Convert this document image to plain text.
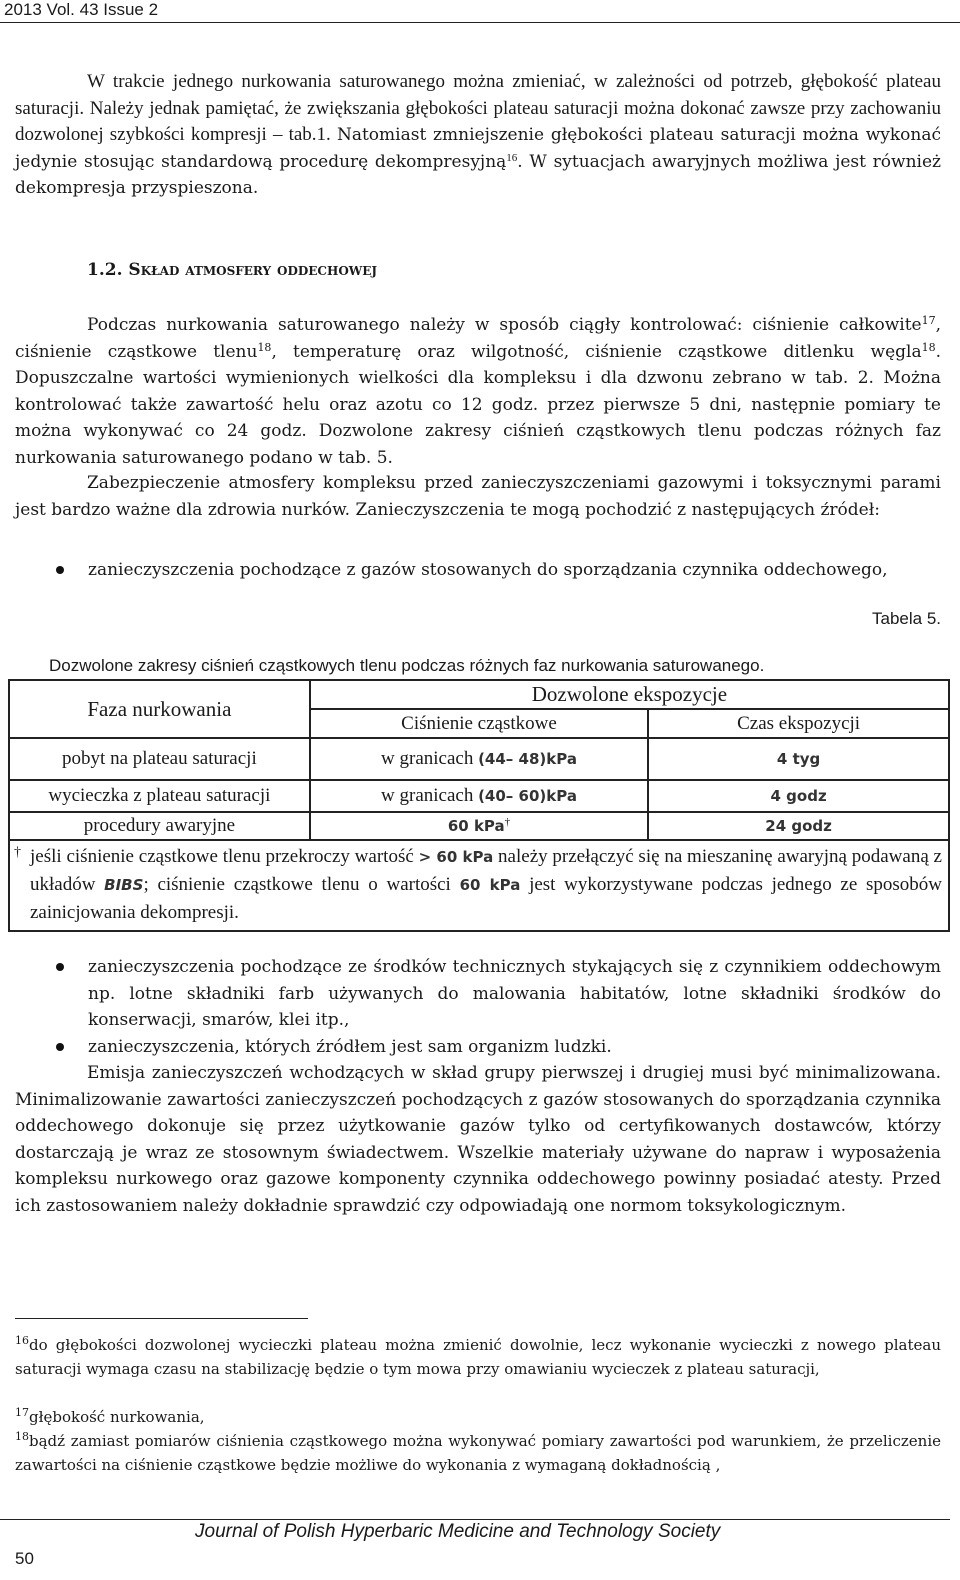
2013 Vol. 43 Issue 2

W trakcie jednego nurkowania saturowanego można zmieniać, w zależności od potrzeb, głębokość plateau saturacji. Należy jednak pamiętać, że zwiększania głębokości plateau saturacji można dokonać zawsze przy zachowaniu dozwolonej szybkości kompresji – tab.1. Natomiast zmniejszenie głębokości plateau saturacji można wykonać jedynie stosując standardową procedurę dekompresyjną$^{16}$. W sytuacjach awaryjnych możliwa jest również dekompresja przyspieszona.

1.2. Skład atmosfery oddechowej

Podczas nurkowania saturowanego należy w sposób ciągły kontrolować: ciśnienie całkowite$^{17}$, ciśnienie cząstkowe tlenu$^{18}$, temperaturę oraz wilgotność, ciśnienie cząstkowe ditlenku węgla$^{18}$. Dopuszczalne wartości wymienionych wielkości dla kompleksu i dla dzwonu zebrano w tab. 2. Można kontrolować także zawartość helu oraz azotu co 12 godz. przez pierwsze 5 dni, następnie pomiary te można wykonywać co 24 godz. Dozwolone zakresy ciśnień cząstkowych tlenu podczas różnych faz nurkowania saturowanego podano w tab. 5.

Zabezpieczenie atmosfery kompleksu przed zanieczyszczeniami gazowymi i toksycznymi parami jest bardzo ważne dla zdrowia nurków. Zanieczyszczenia te mogą pochodzić z następujących źródeł:

zanieczyszczenia pochodzące z gazów stosowanych do sporządzania czynnika oddechowego,

Tabela 5.
Dozwolone zakresy ciśnień cząstkowych tlenu podczas różnych faz nurkowania saturowanego.
Faza nurkowania	Dozwolone ekspozycje	
	Ciśnienie cząstkowe	Czas ekspozycji
pobyt na plateau saturacji	w granicach (44– 48)kPa	4 tyg
wycieczka z plateau saturacji	w granicach (40– 60)kPa	4 godz
procedury awaryjne	60 kPa†	24 godz

† jeśli ciśnienie cząstkowe tlenu przekroczy wartość > 60 kPa należy przełączyć się na mieszaninę awaryjną podawaną z układów BIBS; ciśnienie cząstkowe tlenu o wartości 60 kPa jest wykorzystywane podczas jednego ze sposobów zainicjowania dekompresji.		

zanieczyszczenia pochodzące ze środków technicznych stykających się z czynnikiem oddechowym np. lotne składniki farb używanych do malowania habitatów, lotne składniki środków do konserwacji, smarów, klei itp.,

zanieczyszczenia, których źródłem jest sam organizm ludzki.

Emisja zanieczyszczeń wchodzących w skład grupy pierwszej i drugiej musi być minimalizowana. Minimalizowanie zawartości zanieczyszczeń pochodzących z gazów stosowanych do sporządzania czynnika oddechowego dokonuje się przez użytkowanie gazów tylko od certyfikowanych dostawców, którzy dostarczają je wraz ze stosownym świadectwem. Wszelkie materiały używane do napraw i wyposażenia kompleksu nurkowego oraz gazowe komponenty czynnika oddechowego powinny posiadać atesty. Przed ich zastosowaniem należy dokładnie sprawdzić czy odpowiadają one normom toksykologicznym.

$^{16}$do głębokości dozwolonej wycieczki plateau można zmienić dowolnie, lecz wykonanie wycieczki z nowego plateau saturacji wymaga czasu na stabilizację będzie o tym mowa przy omawianiu wycieczek z plateau saturacji,

$^{17}$głębokość nurkowania,

$^{18}$bądź zamiast pomiarów ciśnienia cząstkowego można wykonywać pomiary zawartości pod warunkiem, że przeliczenie zawartości na ciśnienie cząstkowe będzie możliwe do wykonania z wymaganą dokładnością ,

Journal of Polish Hyperbaric Medicine and Technology Society
50
